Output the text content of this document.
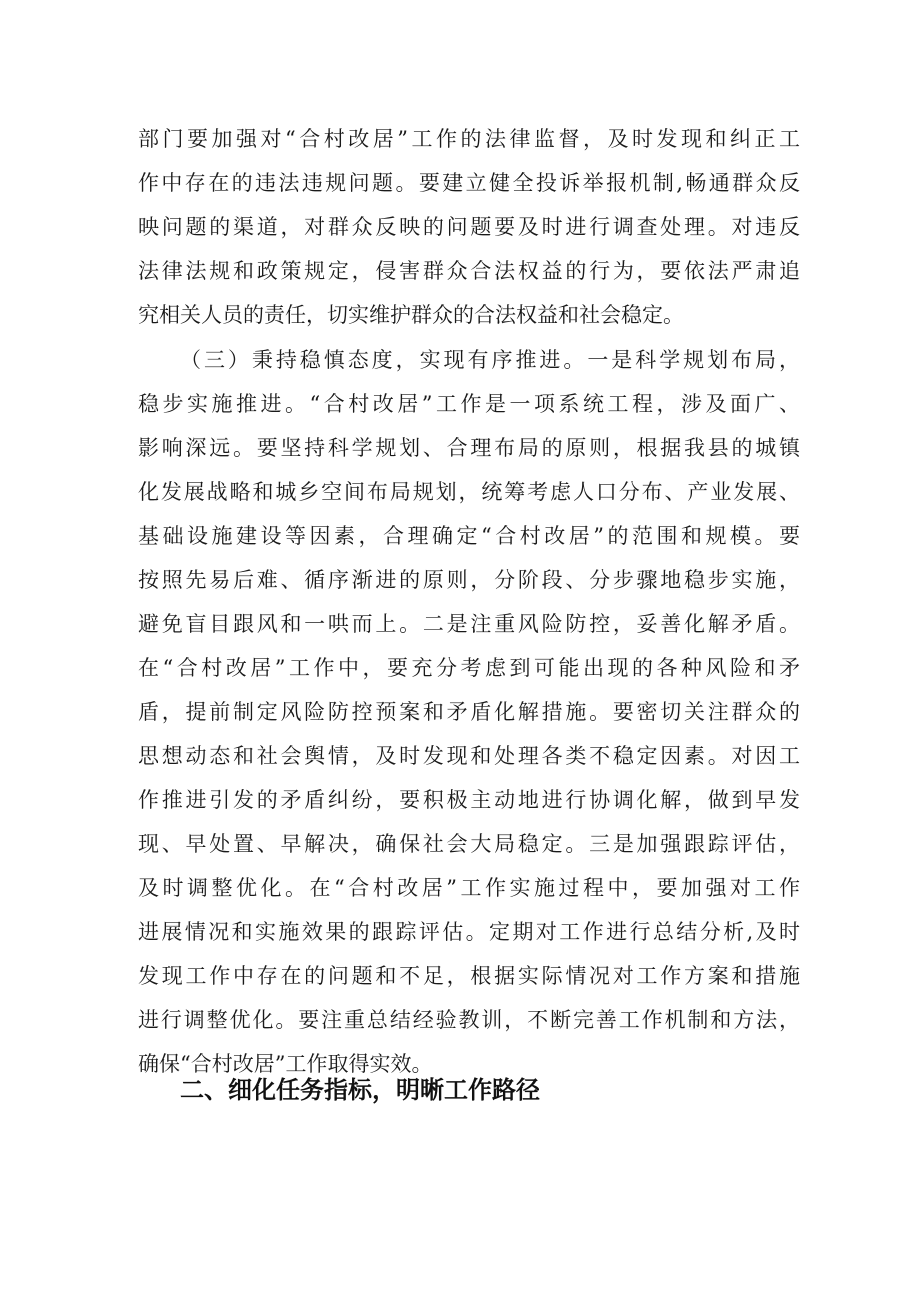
部门要加强对“合村改居”工作的法律监督，及时发现和纠正工
作中存在的违法违规问题。要建立健全投诉举报机制,畅通群众反
映问题的渠道，对群众反映的问题要及时进行调查处理。对违反
法律法规和政策规定，侵害群众合法权益的行为，要依法严肃追
究相关人员的责任，切实维护群众的合法权益和社会稳定。
（三）秉持稳慎态度，实现有序推进。一是科学规划布局，
稳步实施推进。“合村改居”工作是一项系统工程，涉及面广、
影响深远。要坚持科学规划、合理布局的原则，根据我县的城镇
化发展战略和城乡空间布局规划，统筹考虑人口分布、产业发展、
基础设施建设等因素，合理确定“合村改居”的范围和规模。要
按照先易后难、循序渐进的原则，分阶段、分步骤地稳步实施，
避免盲目跟风和一哄而上。二是注重风险防控，妥善化解矛盾。
在“合村改居”工作中，要充分考虑到可能出现的各种风险和矛
盾，提前制定风险防控预案和矛盾化解措施。要密切关注群众的
思想动态和社会舆情，及时发现和处理各类不稳定因素。对因工
作推进引发的矛盾纠纷，要积极主动地进行协调化解，做到早发
现、早处置、早解决，确保社会大局稳定。三是加强跟踪评估，
及时调整优化。在“合村改居”工作实施过程中，要加强对工作
进展情况和实施效果的跟踪评估。定期对工作进行总结分析,及时
发现工作中存在的问题和不足，根据实际情况对工作方案和措施
进行调整优化。要注重总结经验教训，不断完善工作机制和方法，
确保“合村改居”工作取得实效。
二、细化任务指标，明晰工作路径
